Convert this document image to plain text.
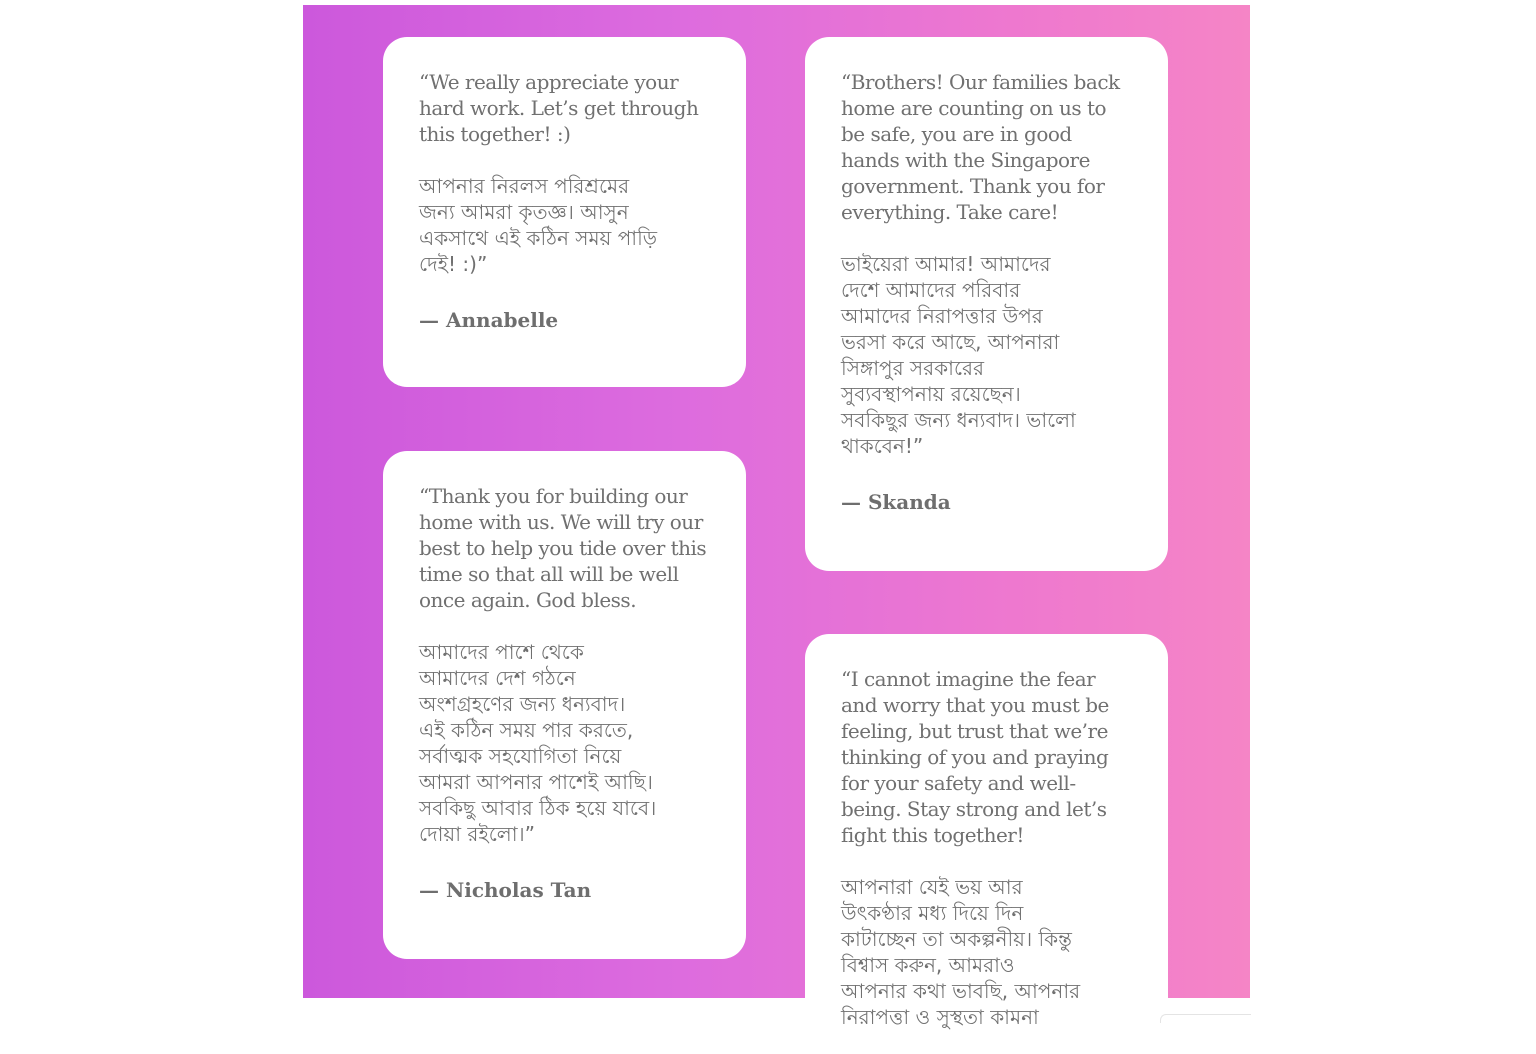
“We really appreciate your hard work. Let’s get through this together! :)

আপনার নিরলস পরিশ্রমের
জন্য আমরা কৃতজ্ঞ। আসুন
একসাথে এই কঠিন সময় পাড়ি
দেই! :)”

— Annabelle

“Brothers! Our families back home are counting on us to be safe, you are in good hands with the Singapore government. Thank you for everything. Take care!

ভাইয়েরা আমার! আমাদের
দেশে আমাদের পরিবার
আমাদের নিরাপত্তার উপর
ভরসা করে আছে, আপনারা
সিঙ্গাপুর সরকারের
সুব্যবস্থাপনায় রয়েছেন।
সবকিছুর জন্য ধন্যবাদ। ভালো
থাকবেন!”

— Skanda

“Thank you for building our home with us. We will try our best to help you tide over this time so that all will be well once again. God bless.

আমাদের পাশে থেকে
আমাদের দেশ গঠনে
অংশগ্রহণের জন্য ধন্যবাদ।
এই কঠিন সময় পার করতে,
সর্বাত্মক সহযোগিতা নিয়ে
আমরা আপনার পাশেই আছি।
সবকিছু আবার ঠিক হয়ে যাবে।
দোয়া রইলো।”

— Nicholas Tan

“I cannot imagine the fear and worry that you must be feeling, but trust that we’re thinking of you and praying for your safety and well-being. Stay strong and let’s fight this together!

আপনারা যেই ভয় আর
উৎকণ্ঠার মধ্য দিয়ে দিন
কাটাচ্ছেন তা অকল্পনীয়। কিন্তু
বিশ্বাস করুন, আমরাও
আপনার কথা ভাবছি, আপনার
নিরাপত্তা ও সুস্থতা কামনা
